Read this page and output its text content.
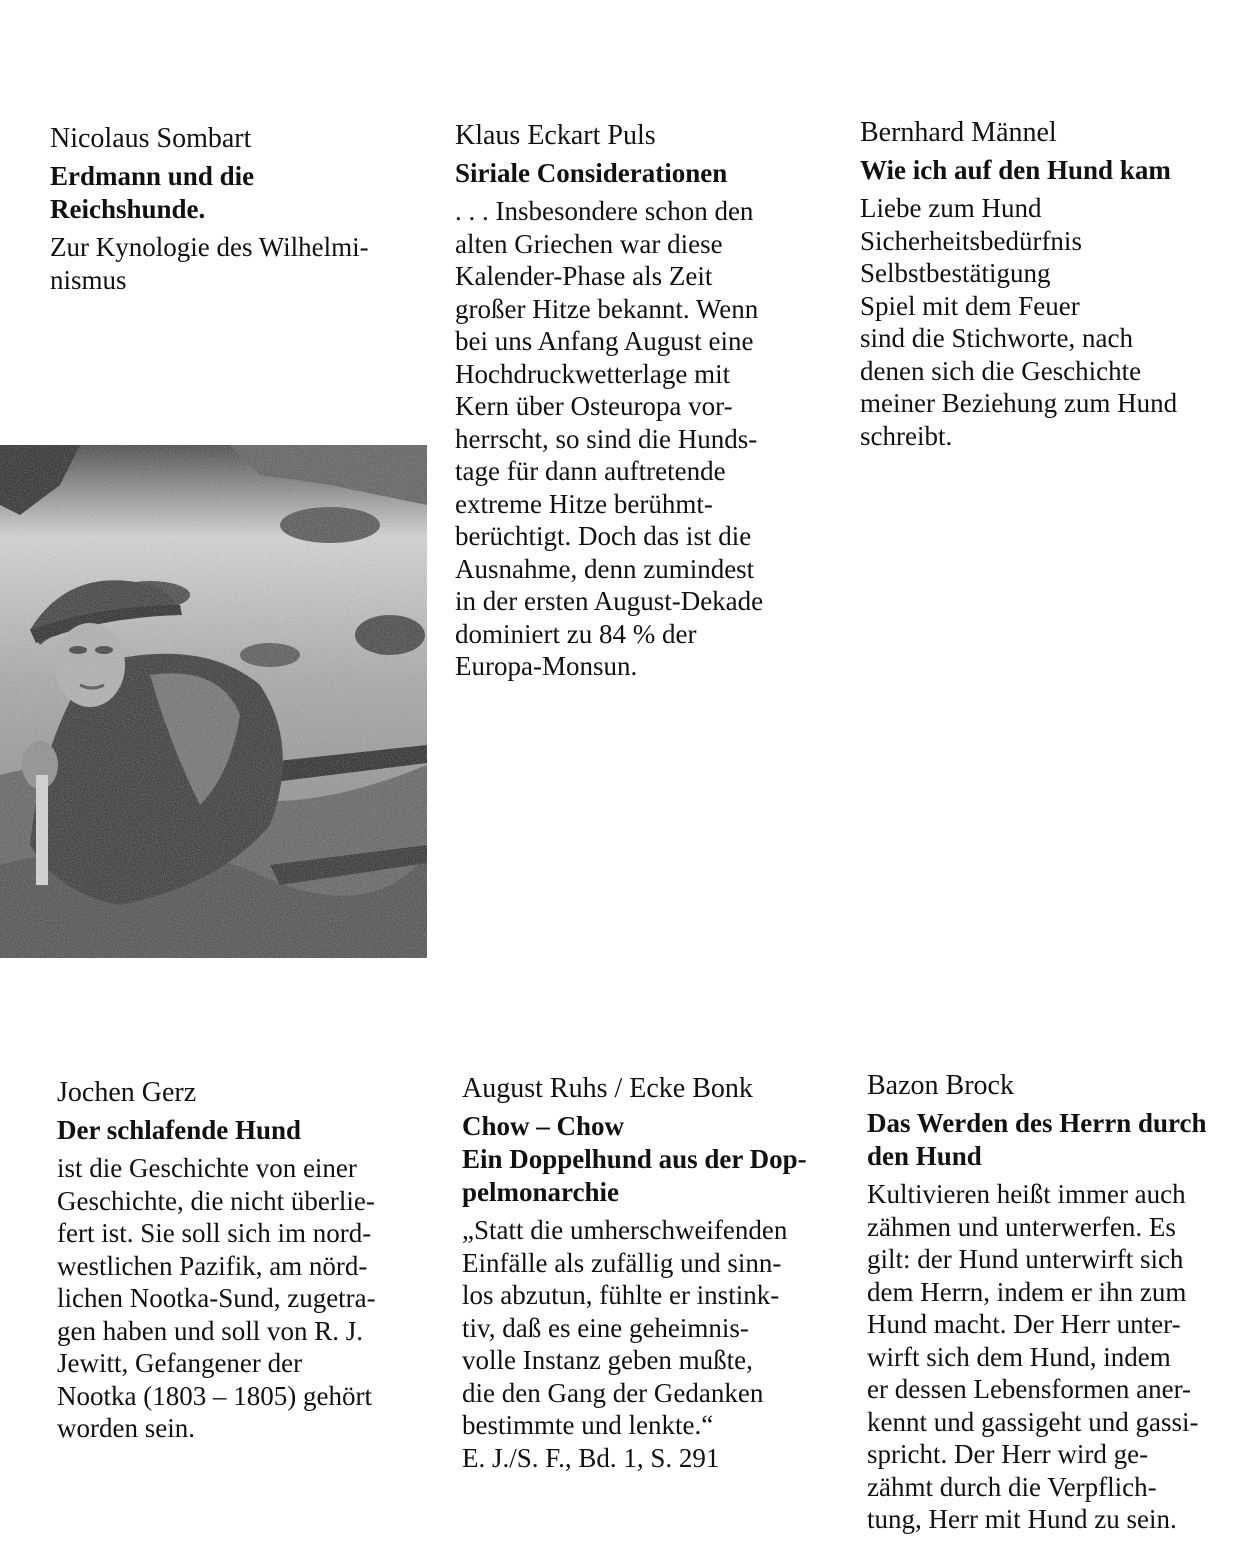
Nicolaus Sombart
Erdmann und die
Reichshunde.
Zur Kynologie des Wilhelmi-
nismus
Klaus Eckart Puls
Siriale Considerationen
. . . Insbesondere schon den
alten Griechen war diese
Kalender-Phase als Zeit
großer Hitze bekannt. Wenn
bei uns Anfang August eine
Hochdruckwetterlage mit
Kern über Osteuropa vor-
herrscht, so sind die Hunds-
tage für dann auftretende
extreme Hitze berühmt-
berüchtigt. Doch das ist die
Ausnahme, denn zumindest
in der ersten August-Dekade
dominiert zu 84 % der
Europa-Monsun.
Bernhard Männel
Wie ich auf den Hund kam
Liebe zum Hund
Sicherheitsbedürfnis
Selbstbestätigung
Spiel mit dem Feuer
sind die Stichworte, nach
denen sich die Geschichte
meiner Beziehung zum Hund
schreibt.
Jochen Gerz
Der schlafende Hund
ist die Geschichte von einer
Geschichte, die nicht überlie-
fert ist. Sie soll sich im nord-
westlichen Pazifik, am nörd-
lichen Nootka-Sund, zugetra-
gen haben und soll von R. J.
Jewitt, Gefangener der
Nootka (1803 – 1805) gehört
worden sein.
August Ruhs / Ecke Bonk
Chow – Chow
Ein Doppelhund aus der Dop-
pelmonarchie
„Statt die umherschweifenden
Einfälle als zufällig und sinn-
los abzutun, fühlte er instink-
tiv, daß es eine geheimnis-
volle Instanz geben mußte,
die den Gang der Gedanken
bestimmte und lenkte.“
E. J./S. F., Bd. 1, S. 291
Bazon Brock
Das Werden des Herrn durch
den Hund
Kultivieren heißt immer auch
zähmen und unterwerfen. Es
gilt: der Hund unterwirft sich
dem Herrn, indem er ihn zum
Hund macht. Der Herr unter-
wirft sich dem Hund, indem
er dessen Lebensformen aner-
kennt und gassigeht und gassi-
spricht. Der Herr wird ge-
zähmt durch die Verpflich-
tung, Herr mit Hund zu sein.
